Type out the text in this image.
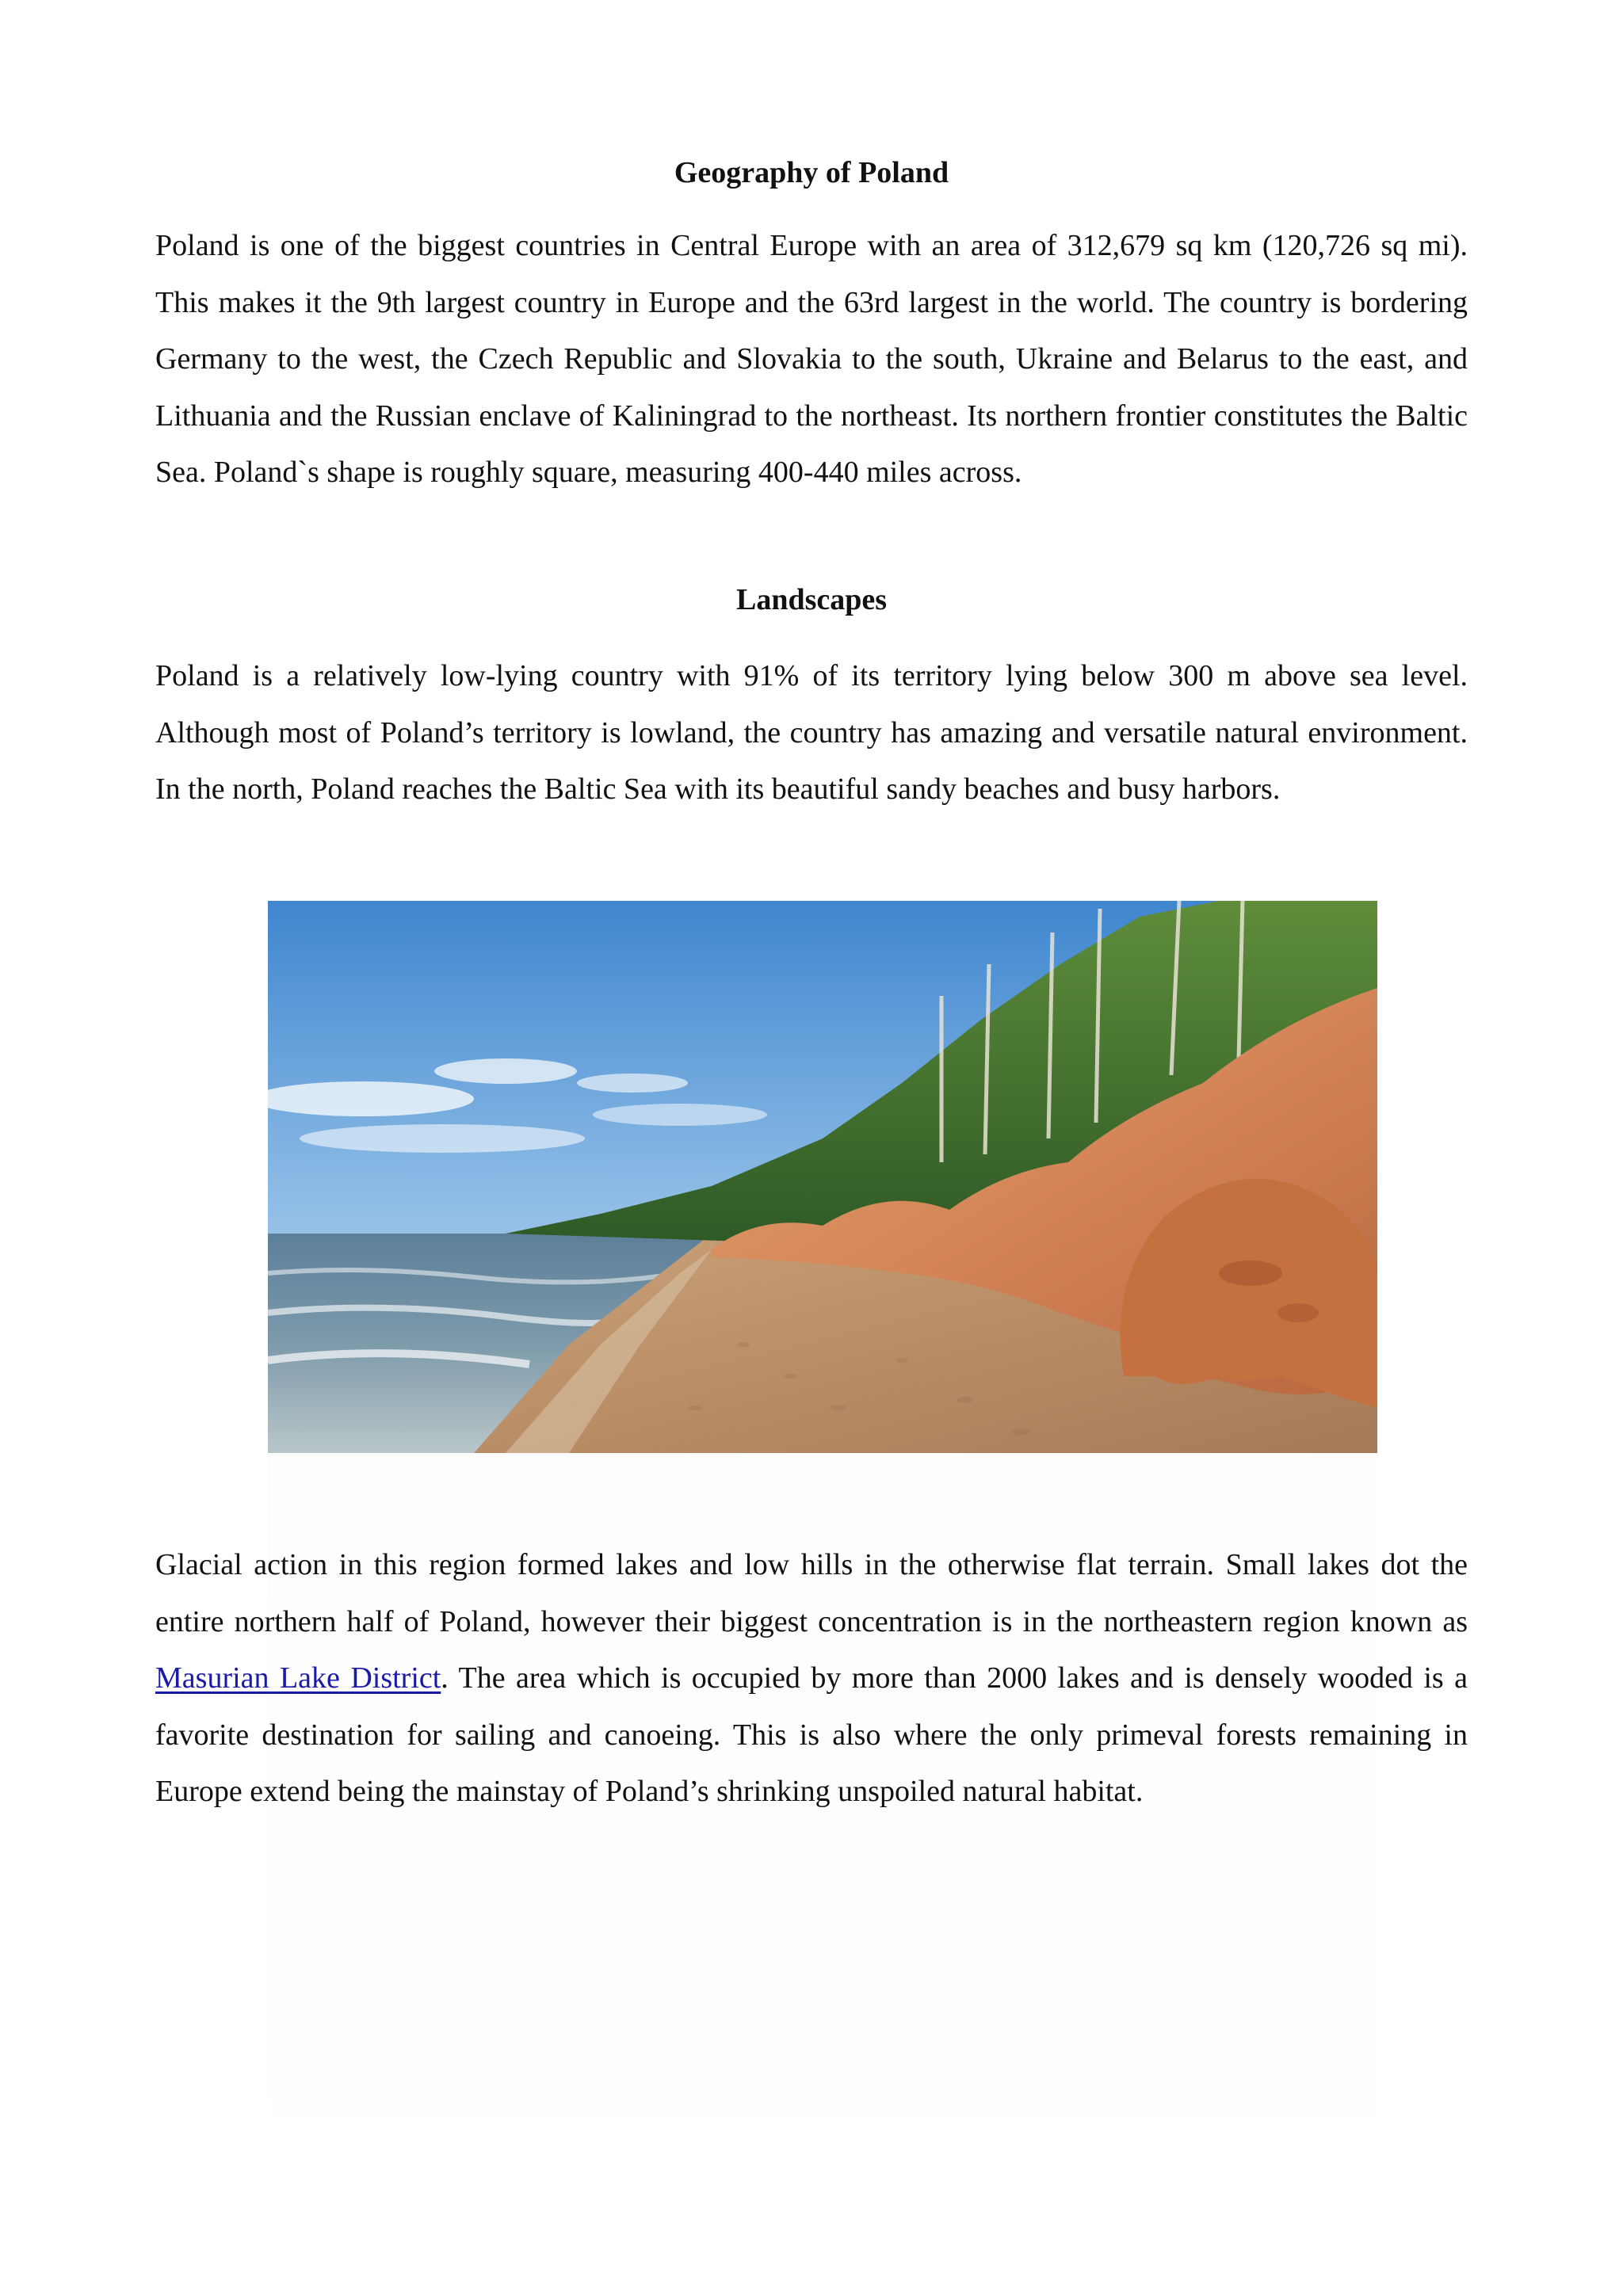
Geography of Poland

Poland is one of the biggest countries in Central Europe with an area of 312,679 sq km (120,726 sq mi). This makes it the 9th largest country in Europe and the 63rd largest in the world. The country is bordering Germany to the west, the Czech Republic and Slovakia to the south, Ukraine and Belarus to the east, and Lithuania and the Russian enclave of Kaliningrad to the northeast. Its northern frontier constitutes the Baltic Sea. Poland`s shape is roughly square, measuring 400-440 miles across.

Landscapes

Poland is a relatively low-lying country with 91% of its territory lying below 300 m above sea level. Although most of Poland’s territory is lowland, the country has amazing and versatile natural environment. In the north, Poland reaches the Baltic Sea with its beautiful sandy beaches and busy harbors.

Glacial action in this region formed lakes and low hills in the otherwise flat terrain. Small lakes dot the entire northern half of Poland, however their biggest concentration is in the northeastern region known as Masurian Lake District. The area which is occupied by more than 2000 lakes and is densely wooded is a favorite destination for sailing and canoeing. This is also where the only primeval forests remaining in Europe extend being the mainstay of Poland’s shrinking unspoiled natural habitat.
